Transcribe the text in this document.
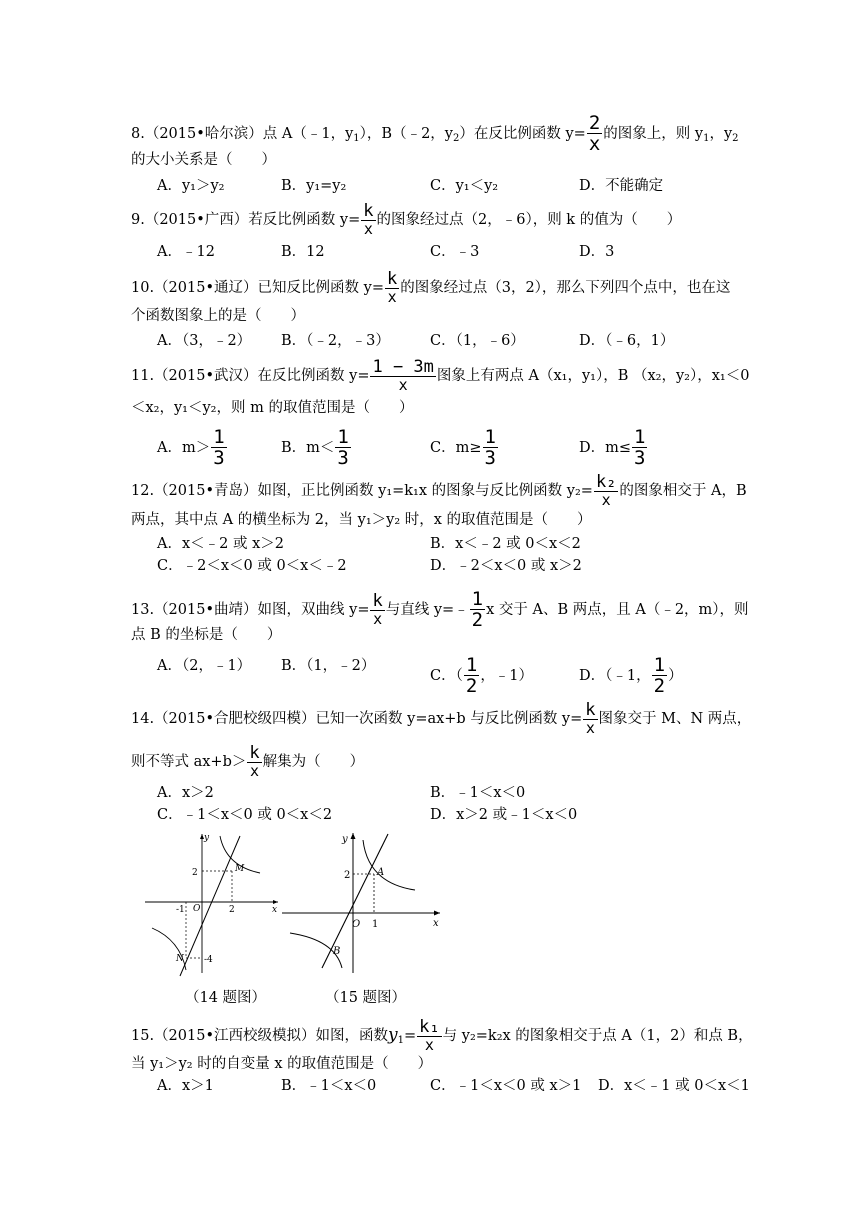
8.（2015•哈尔滨）点 A（﹣1，$y_1$），B（﹣2，$y_2$）在反比例函数 $y= \frac{2}{x}$ 的图象上，则 $y_1$，$y_2$
的大小关系是（　　）
A．y₁＞y₂	B．y₁=y₂	C．y₁＜y₂	D．不能确定
9.（2015•广西）若反比例函数 $y= \frac{k}{x}$ 的图象经过点（2，﹣6），则 k 的值为（　　）
A．﹣12	B．12	C．﹣3	D．3
10.（2015•通辽）已知反比例函数 $y= \frac{k}{x}$ 的图象经过点（3，2），那么下列四个点中，也在这
个函数图象上的是（　　）
A．（3，﹣2） B．（﹣2，﹣3）	C．（1，﹣6）	D．（﹣6，1）
11.（2015•武汉）在反比例函数 $y= \frac{1 - 3m}{x}$ 图象上有两点 A（x₁，y₁），B （x₂，y₂），x₁＜0
＜x₂，y₁＜y₂，则 m 的取值范围是（　　）
A．$m> \frac{1}{3}$	B．$m< \frac{1}{3}$	C．$m\ge \frac{1}{3}$	D．$m\le \frac{1}{3}$
12.（2015•青岛）如图，正比例函数 y₁=k₁x 的图象与反比例函数 $y_2= \frac{\text{k₂}}{x}$ 的图象相交于 A，B
两点，其中点 A 的横坐标为 2，当 y₁＞y₂ 时，x 的取值范围是（　　）
A．x＜﹣2 或 x＞2	B．x＜﹣2 或 0＜x＜2
C．﹣2＜x＜0 或 0＜x＜﹣2	D．﹣2＜x＜0 或 x＞2
13.（2015•曲靖）如图，双曲线 $y= \frac{k}{x}$ 与直线 y=﹣ $\frac{1}{2}$ x 交于 A、B 两点，且 A（﹣2，m），则
点 B 的坐标是（　　）
A．（2，﹣1） B．（1，﹣2）
C．（ $\frac{1}{2}$ ，﹣1）	D．（﹣1， $\frac{1}{2}$ ）
14.（2015•合肥校级四模）已知一次函数 y=ax+b 与反比例函数 $y= \frac{k}{x}$ 图象交于 M、N 两点，
则不等式 $ax+b> \frac{k}{x}$ 解集为（　　）
A．x＞2	B．﹣1＜x＜0
C．﹣1＜x＜0 或 0＜x＜2	D．x＞2 或﹣1＜x＜0
y
x
O
2
2
-1
-4
M
N
（14 题图）
y
x
O
2
1
A
B
（15 题图）
15.（2015•江西校级模拟）如图，函数$y_1= \frac{\text{k₁}}{x}$ 与 y₂=k₂x 的图象相交于点 A（1，2）和点 B，
当 y₁＞y₂ 时的自变量 x 的取值范围是（　　）
A．x＞1	B．﹣1＜x＜0	C．﹣1＜x＜0 或 x＞1 D．x＜﹣1 或 0＜x＜1
